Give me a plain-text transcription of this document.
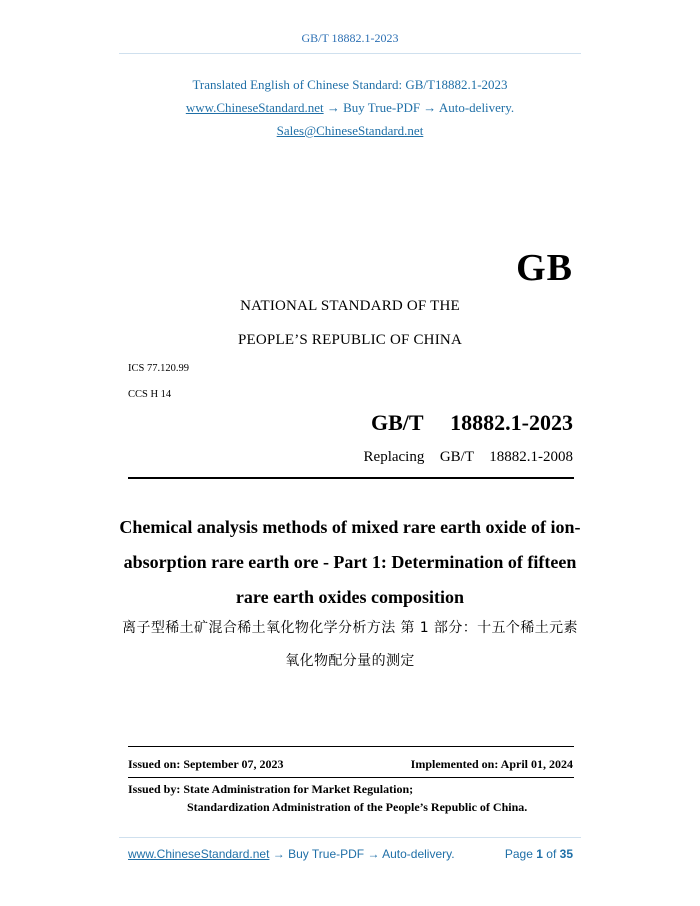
GB/T 18882.1-2023
Translated English of Chinese Standard: GB/T18882.1-2023
www.ChineseStandard.net → Buy True-PDF → Auto-delivery.
Sales@ChineseStandard.net
GB
NATIONAL STANDARD OF THE
PEOPLE’S REPUBLIC OF CHINA
ICS 77.120.99
CCS H 14
GB/T  18882.1-2023
Replacing  GB/T  18882.1-2008
Chemical analysis methods of mixed rare earth oxide of ion-absorption rare earth ore - Part 1: Determination of fifteen rare earth oxides composition
离子型稀土矿混合稀土氧化物化学分析方法 第 1 部分：十五个稀土元素氧化物配分量的测定
Issued on: September 07, 2023	Implemented on: April 01, 2024
Issued by: State Administration for Market Regulation;
Standardization Administration of the People’s Republic of China.
www.ChineseStandard.net → Buy True-PDF → Auto-delivery.	Page 1 of 35
